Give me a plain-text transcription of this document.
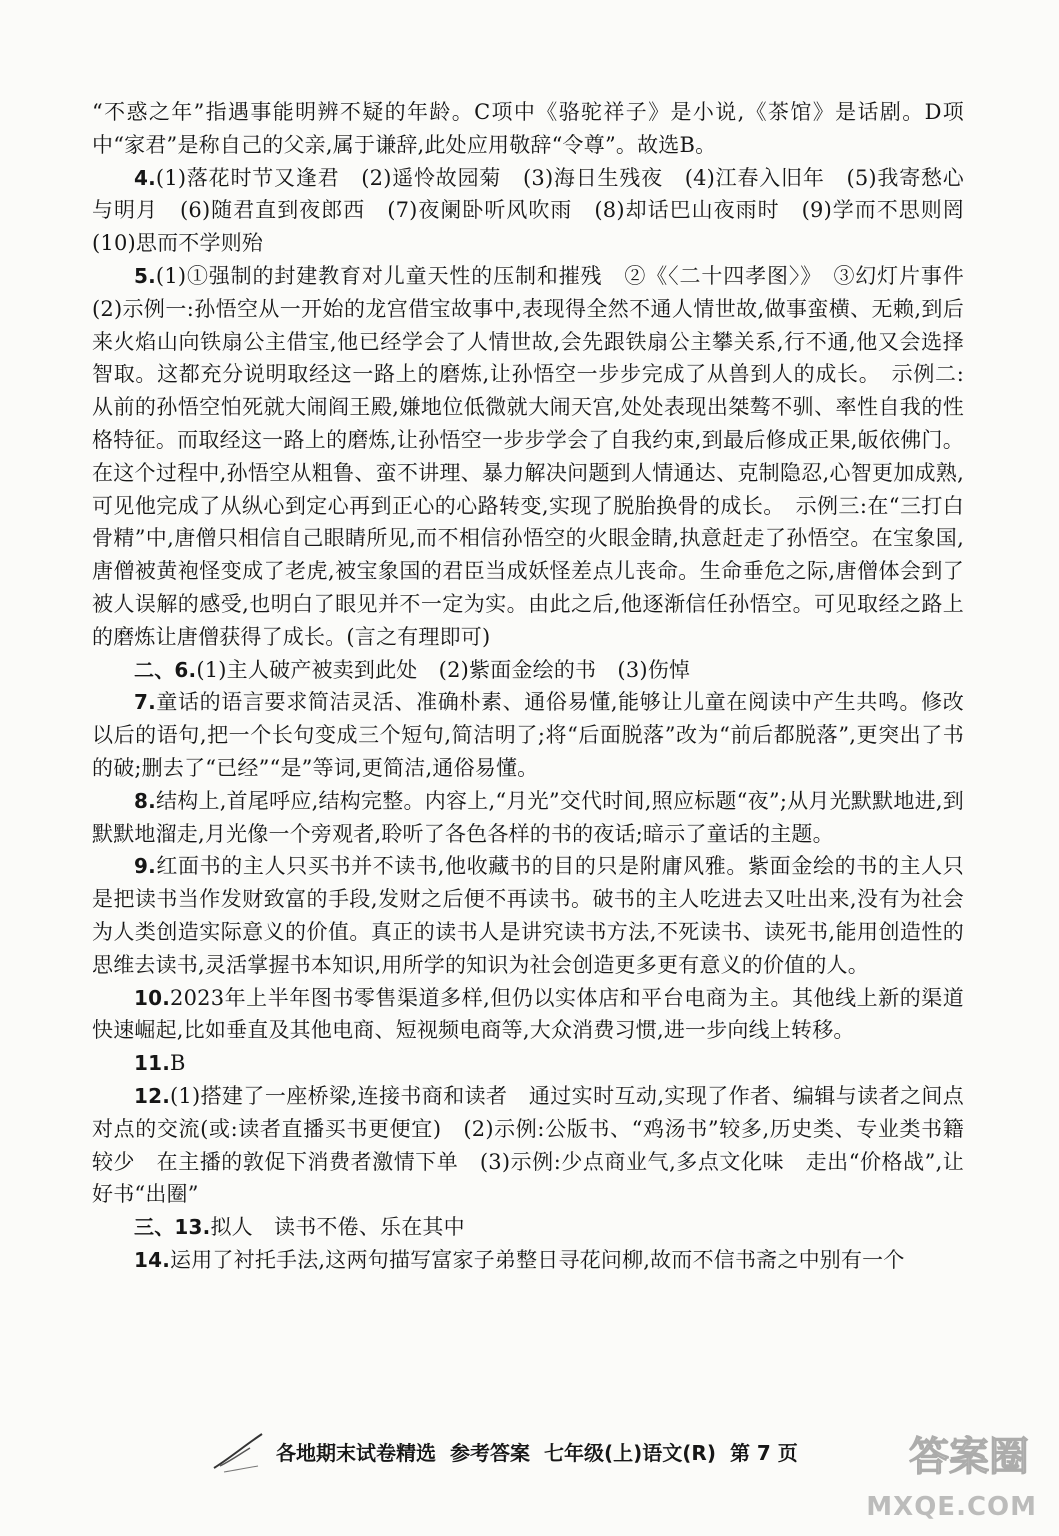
“不惑之年”指遇事能明辨不疑的年龄。C项中《骆驼祥子》是小说,《茶馆》是话剧。D项中“家君”是称自己的父亲,属于谦辞,此处应用敬辞“令尊”。故选B。

4.(1)落花时节又逢君　(2)遥怜故园菊　(3)海日生残夜　(4)江春入旧年　(5)我寄愁心与明月　(6)随君直到夜郎西　(7)夜阑卧听风吹雨　(8)却话巴山夜雨时　(9)学而不思则罔　(10)思而不学则殆

5.(1)①强制的封建教育对儿童天性的压制和摧残　②《〈二十四孝图〉》　③幻灯片事件　(2)示例一:孙悟空从一开始的龙宫借宝故事中,表现得全然不通人情世故,做事蛮横、无赖,到后来火焰山向铁扇公主借宝,他已经学会了人情世故,会先跟铁扇公主攀关系,行不通,他又会选择智取。这都充分说明取经这一路上的磨炼,让孙悟空一步步完成了从兽到人的成长。　示例二:从前的孙悟空怕死就大闹阎王殿,嫌地位低微就大闹天宫,处处表现出桀骜不驯、率性自我的性格特征。而取经这一路上的磨炼,让孙悟空一步步学会了自我约束,到最后修成正果,皈依佛门。在这个过程中,孙悟空从粗鲁、蛮不讲理、暴力解决问题到人情通达、克制隐忍,心智更加成熟,可见他完成了从纵心到定心再到正心的心路转变,实现了脱胎换骨的成长。　示例三:在“三打白骨精”中,唐僧只相信自己眼睛所见,而不相信孙悟空的火眼金睛,执意赶走了孙悟空。在宝象国,唐僧被黄袍怪变成了老虎,被宝象国的君臣当成妖怪差点儿丧命。生命垂危之际,唐僧体会到了被人误解的感受,也明白了眼见并不一定为实。由此之后,他逐渐信任孙悟空。可见取经之路上的磨炼让唐僧获得了成长。(言之有理即可)

二、6.(1)主人破产被卖到此处　(2)紫面金绘的书　(3)伤悼

7.童话的语言要求简洁灵活、准确朴素、通俗易懂,能够让儿童在阅读中产生共鸣。修改以后的语句,把一个长句变成三个短句,简洁明了;将“后面脱落”改为“前后都脱落”,更突出了书的破;删去了“已经”“是”等词,更简洁,通俗易懂。

8.结构上,首尾呼应,结构完整。内容上,“月光”交代时间,照应标题“夜”;从月光默默地进,到默默地溜走,月光像一个旁观者,聆听了各色各样的书的夜话;暗示了童话的主题。

9.红面书的主人只买书并不读书,他收藏书的目的只是附庸风雅。紫面金绘的书的主人只是把读书当作发财致富的手段,发财之后便不再读书。破书的主人吃进去又吐出来,没有为社会为人类创造实际意义的价值。真正的读书人是讲究读书方法,不死读书、读死书,能用创造性的思维去读书,灵活掌握书本知识,用所学的知识为社会创造更多更有意义的价值的人。

10.2023年上半年图书零售渠道多样,但仍以实体店和平台电商为主。其他线上新的渠道快速崛起,比如垂直及其他电商、短视频电商等,大众消费习惯,进一步向线上转移。

11.B

12.(1)搭建了一座桥梁,连接书商和读者　通过实时互动,实现了作者、编辑与读者之间点对点的交流(或:读者直播买书更便宜)　(2)示例:公版书、“鸡汤书”较多,历史类、专业类书籍较少　在主播的敦促下消费者激情下单　(3)示例:少点商业气,多点文化味　走出“价格战”,让好书“出圈”

三、13.拟人　读书不倦、乐在其中

14.运用了衬托手法,这两句描写富家子弟整日寻花问柳,故而不信书斋之中别有一个

各地期末试卷精选 参考答案 七年级(上)语文(R) 第 7 页	答案圈
MXQE.COM
